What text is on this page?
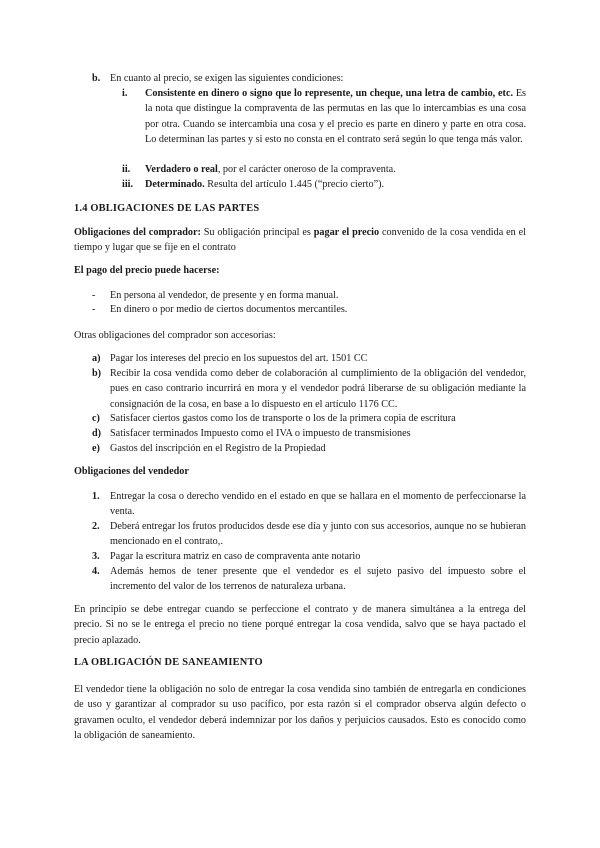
b. En cuanto al precio, se exigen las siguientes condiciones:
i. Consistente en dinero o signo que lo represente, un cheque, una letra de cambio, etc. Es la nota que distingue la compraventa de las permutas en las que lo intercambias es una cosa por otra. Cuando se intercambia una cosa y el precio es parte en dinero y parte en otra cosa. Lo determinan las partes y si esto no consta en el contrato será según lo que tenga más valor.

ii. Verdadero o real, por el carácter oneroso de la compraventa.

iii. Determinado. Resulta del artículo 1.445 (“precio cierto”).

1.4 OBLIGACIONES DE LAS PARTES

Obligaciones del comprador: Su obligación principal es pagar el precio convenido de la cosa vendida en el tiempo y lugar que se fije en el contrato

El pago del precio puede hacerse:
- En persona al vendedor, de presente y en forma manual.
- En dinero o por medio de ciertos documentos mercantiles.
Otras obligaciones del comprador son accesorias:
a) Pagar los intereses del precio en los supuestos del art. 1501 CC

b) Recibir la cosa vendida como deber de colaboración al cumplimiento de la obligación del vendedor, pues en caso contrario incurrirá en mora y el vendedor podrá liberarse de su obligación mediante la consignación de la cosa, en base a lo dispuesto en el artículo 1176 CC.

c) Satisfacer ciertos gastos como los de transporte o los de la primera copia de escritura

d) Satisfacer terminados Impuesto como el IVA o impuesto de transmisiones

e) Gastos del inscripción en el Registro de la Propiedad

Obligaciones del vendedor
1. Entregar la cosa o derecho vendido en el estado en que se hallara en el momento de perfeccionarse la venta.

2. Deberá entregar los frutos producidos desde ese día y junto con sus accesorios, aunque no se hubieran mencionado en el contrato,.

3. Pagar la escritura matriz en caso de compraventa ante notario

4. Además hemos de tener presente que el vendedor es el sujeto pasivo del impuesto sobre el incremento del valor de los terrenos de naturaleza urbana.

En principio se debe entregar cuando se perfeccione el contrato y de manera simultánea a la entrega del precio. Si no se le entrega el precio no tiene porqué entregar la cosa vendida, salvo que se haya pactado el precio aplazado.

LA OBLIGACIÓN DE SANEAMIENTO

El vendedor tiene la obligación no solo de entregar la cosa vendida sino también de entregarla en condiciones de uso y garantizar al comprador su uso pacífico, por esta razón si el comprador observa algún defecto o gravamen oculto, el vendedor deberá indemnizar por los daños y perjuicios causados. Esto es conocido como la obligación de saneamiento.
